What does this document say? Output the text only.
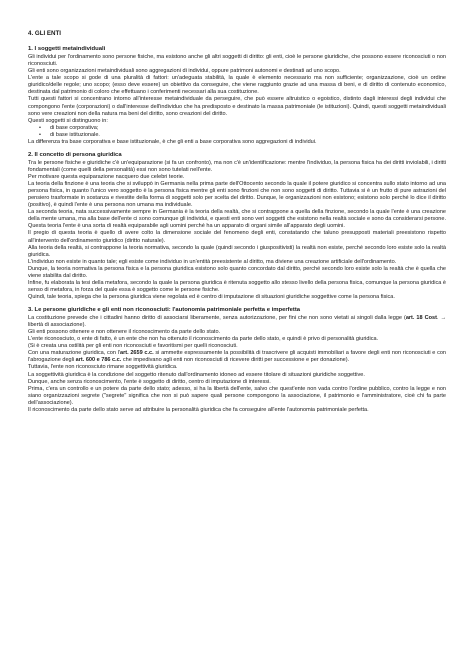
4. GLI ENTI
1. I soggetti metaindividuali

Gli individui per l'ordinamento sono persone fisiche, ma esistono anche gli altri soggetti di diritto: gli enti, cioè le persone giuridiche, che possono essere riconosciuti o non riconosciuti.

Gli enti sono organizzazioni metaindividuali sono aggregazioni di individui, oppure patrimoni autonomi e destinati ad uno scopo.

L'ente a tale scopo si gode di una pluralità di fattori: un'adeguata stabilità, la quale è elemento necessario ma non sufficiente; organizzazione, cioè un ordine giuridico/delle regole; uno scopo; (esso deve essere) un obiettivo da conseguire, che viene raggiunto grazie ad una massa di beni, e di diritto di contenuto economico, destinata dal patrimonio di coloro che effettuano i conferimenti necessari alla sua costituzione.

Tutti questi fattori si concentrano intorno all'interesse metaindividuale da perseguire, che può essere altruistico o egoistico, distinto dagli interessi degli individui che compongono l'ente (corporazioni) o dall'interesse dell'individuo che ha predisposto e destinato la massa patrimoniale (le istituzioni). Quindi, questi soggetti metaindividuali sono vere creazioni non della natura ma beni del diritto, sono creazioni del diritto.

Questi soggetti si distinguono in:

• di base corporativa;
• di base istituzionale.

La differenza tra base corporativa e base istituzionale, è che gli enti a base corporativa sono aggregazioni di individui.

2. Il concetto di persona giuridica

Tra le persone fisiche e giuridiche c'è un'equiparazione (si fa un confronto), ma non c'è un'identificazione: mentre l'individuo, la persona fisica ha dei diritti inviolabili, i diritti fondamentali (come quelli della personalità) essi non sono tutelati nell'ente.

Per motivare questa equiparazione nacquero due celebri teorie.

La teoria della finzione è una teoria che si sviluppò in Germania nella prima parte dell'Ottocento secondo la quale il potere giuridico si concentra sullo stato intorno ad una persona fisica, in quanto l'unico vero soggetto è la persona fisica mentre gli enti sono finzioni che non sono soggetti di diritto. Tuttavia si è un frutto di pure astrazioni del pensiero trasformate in sostanza e rivestite della forma di soggetti solo per scelta del diritto. Dunque, le organizzazioni non esistono; esistono solo perché lo dice il diritto (positivo), è quindi l'ente è una persona non umana ma individuale.

La seconda teoria, nata successivamente sempre in Germania è la teoria della realtà, che si contrappone a quella della finzione, secondo la quale l'ente è una creazione della mente umana, ma alla base dell'ente ci sono comunque gli individui, e questi enti sono veri soggetti che esistono nella realtà sociale e sono da considerarsi persone. Questa teoria l'ente è una sorta di realtà equiparabile agli uomini perché ha un apparato di organi simile all'apparato degli uomini.

Il pregio di questa teoria è quello di avere colto la dimensione sociale del fenomeno degli enti, constatando che taluno presupposti materiali preesistono rispetto all'intervento dell'ordinamento giuridico (diritto naturale).

Alla teoria della realtà, si contrappone la teoria normativa, secondo la quale (quindi secondo i giuspositivisti) la realtà non esiste, perché secondo loro esiste solo la realtà giuridica.

L'individuo non esiste in quanto tale; egli esiste come individuo in un'entità preesistente al diritto, ma diviene una creazione artificiale dell'ordinamento.

Dunque, la teoria normativa la persona fisica e la persona giuridica esistono solo quanto concordato dal diritto, perché secondo loro esiste solo la realtà che è quella che viene stabilita dal diritto.

Infine, fu elaborata la tesi della metafora, secondo la quale la persona giuridica è ritenuta soggetto allo stesso livello della persona fisica, comunque la persona giuridica è senso di metafora, in forza del quale essa è soggetto come le persone fisiche.

Quindi, tale teoria, spiega che la persona giuridica viene regolata ed è centro di imputazione di situazioni giuridiche soggettive come la persona fisica.

3. Le persone giuridiche e gli enti non riconosciuti: l'autonomia patrimoniale perfetta e imperfetta

La costituzione prevede che i cittadini hanno diritto di associarsi liberamente, senza autorizzazione, per fini che non sono vietati ai singoli dalla legge (art. 18 Cost. → libertà di associazione).

Gli enti possono ottenere e non ottenere il riconoscimento da parte dello stato.

L'ente riconosciuto, o ente di fatto, è un ente che non ha ottenuto il riconoscimento da parte dello stato, e quindi è privo di personalità giuridica.

(Si è creata una ostilità per gli enti non riconosciuti e favoritismi per quelli riconosciuti.

Con una maturazione giuridica, con l'art. 2659 c.c. si ammette espressamente la possibilità di trascrivere gli acquisti immobiliari a favore degli enti non riconosciuti e con l'abrogazione degli art. 600 e 786 c.c. che impedivano agli enti non riconosciuti di ricevere diritti per successione e per donazione).

Tuttavia, l'ente non riconosciuto rimane soggettività giuridica.

La soggettività giuridica è la condizione del soggetto ritenuto dall'ordinamento idoneo ad essere titolare di situazioni giuridiche soggettive.

Dunque, anche senza riconoscimento, l'ente è soggetto di diritto, centro di imputazione di interessi.

Prima, c'era un controllo e un potere da parte dello stato; adesso, si ha la libertà dell'ente, salvo che quest'ente non vada contro l'ordine pubblico, contro la legge e non siano organizzazioni segrete ("segrete" significa che non si può sapere quali persone compongono la associazione, il patrimonio e l'amministratore, cioè chi fa parte dell'associazione).

Il riconoscimento da parte dello stato serve ad attribuire la personalità giuridica che fa conseguire all'ente l'autonomia patrimoniale perfetta.
